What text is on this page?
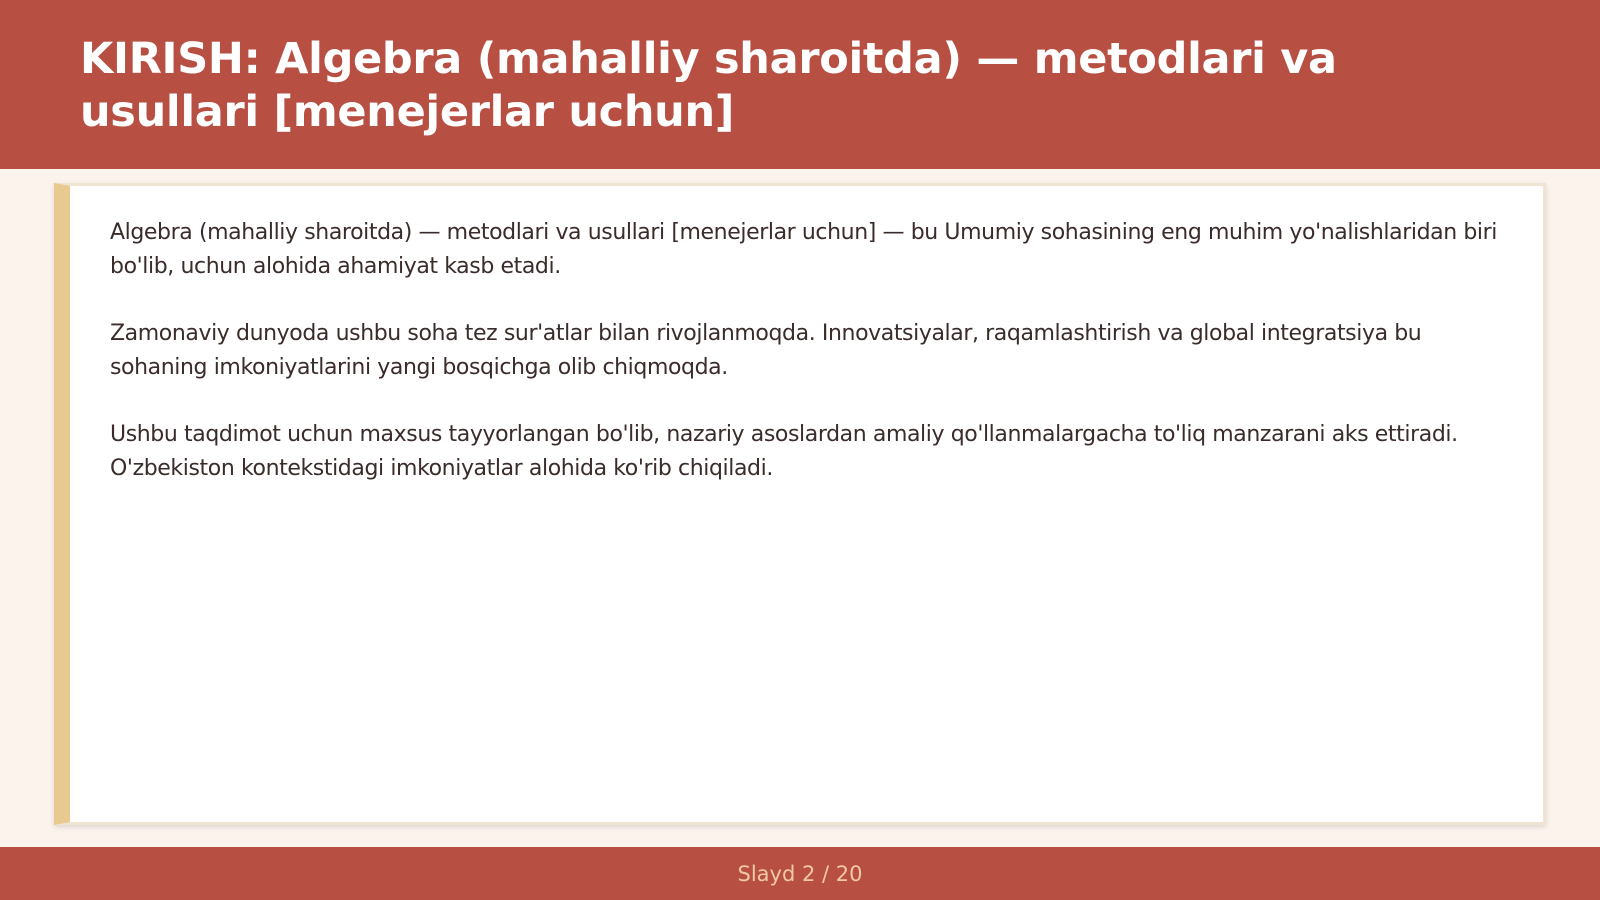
KIRISH: Algebra (mahalliy sharoitda) — metodlari va usullari [menejerlar uchun]

Algebra (mahalliy sharoitda) — metodlari va usullari [menejerlar uchun] — bu Umumiy sohasining eng muhim yo'nalishlaridan biri bo'lib, uchun alohida ahamiyat kasb etadi.

Zamonaviy dunyoda ushbu soha tez sur'atlar bilan rivojlanmoqda. Innovatsiyalar, raqamlashtirish va global integratsiya bu sohaning imkoniyatlarini yangi bosqichga olib chiqmoqda.

Ushbu taqdimot uchun maxsus tayyorlangan bo'lib, nazariy asoslardan amaliy qo'llanmalargacha to'liq manzarani aks ettiradi. O'zbekiston kontekstidagi imkoniyatlar alohida ko'rib chiqiladi.

Slayd 2 / 20
